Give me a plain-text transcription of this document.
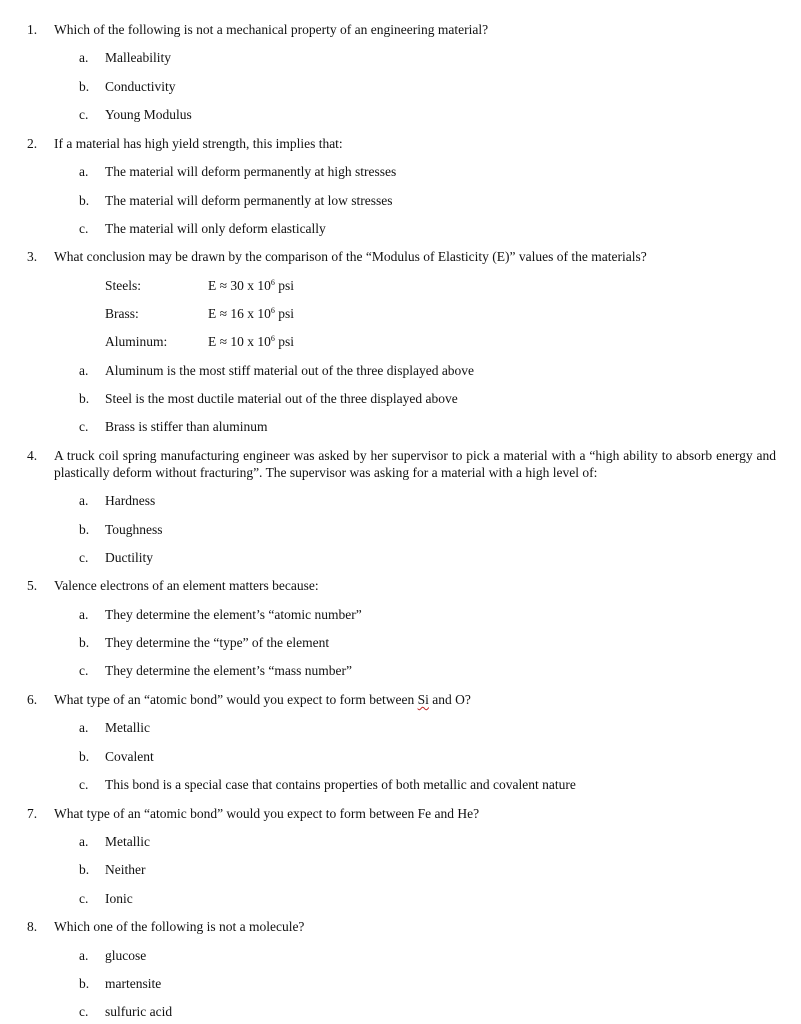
1. Which of the following is not a mechanical property of an engineering material?
a. Malleability
b. Conductivity
c. Young Modulus
2. If a material has high yield strength, this implies that:
a. The material will deform permanently at high stresses
b. The material will deform permanently at low stresses
c. The material will only deform elastically
3. What conclusion may be drawn by the comparison of the “Modulus of Elasticity (E)” values of the materials?
Steels:	E ≈ 30 x $10^6$ psi
Brass:	E ≈ 16 x $10^6$ psi
Aluminum:	E ≈ 10 x $10^6$ psi
a. Aluminum is the most stiff material out of the three displayed above
b. Steel is the most ductile material out of the three displayed above
c. Brass is stiffer than aluminum
4. A truck coil spring manufacturing engineer was asked by her supervisor to pick a material with a “high ability to absorb energy and plastically deform without fracturing”. The supervisor was asking for a material with a high level of:
a. Hardness
b. Toughness
c. Ductility
5. Valence electrons of an element matters because:
a. They determine the element’s “atomic number”
b. They determine the “type” of the element
c. They determine the element’s “mass number”
6. What type of an “atomic bond” would you expect to form between Si and O?
a. Metallic
b. Covalent
c. This bond is a special case that contains properties of both metallic and covalent nature
7. What type of an “atomic bond” would you expect to form between Fe and He?
a. Metallic
b. Neither
c. Ionic
8. Which one of the following is not a molecule?
a. glucose
b. martensite
c. sulfuric acid
